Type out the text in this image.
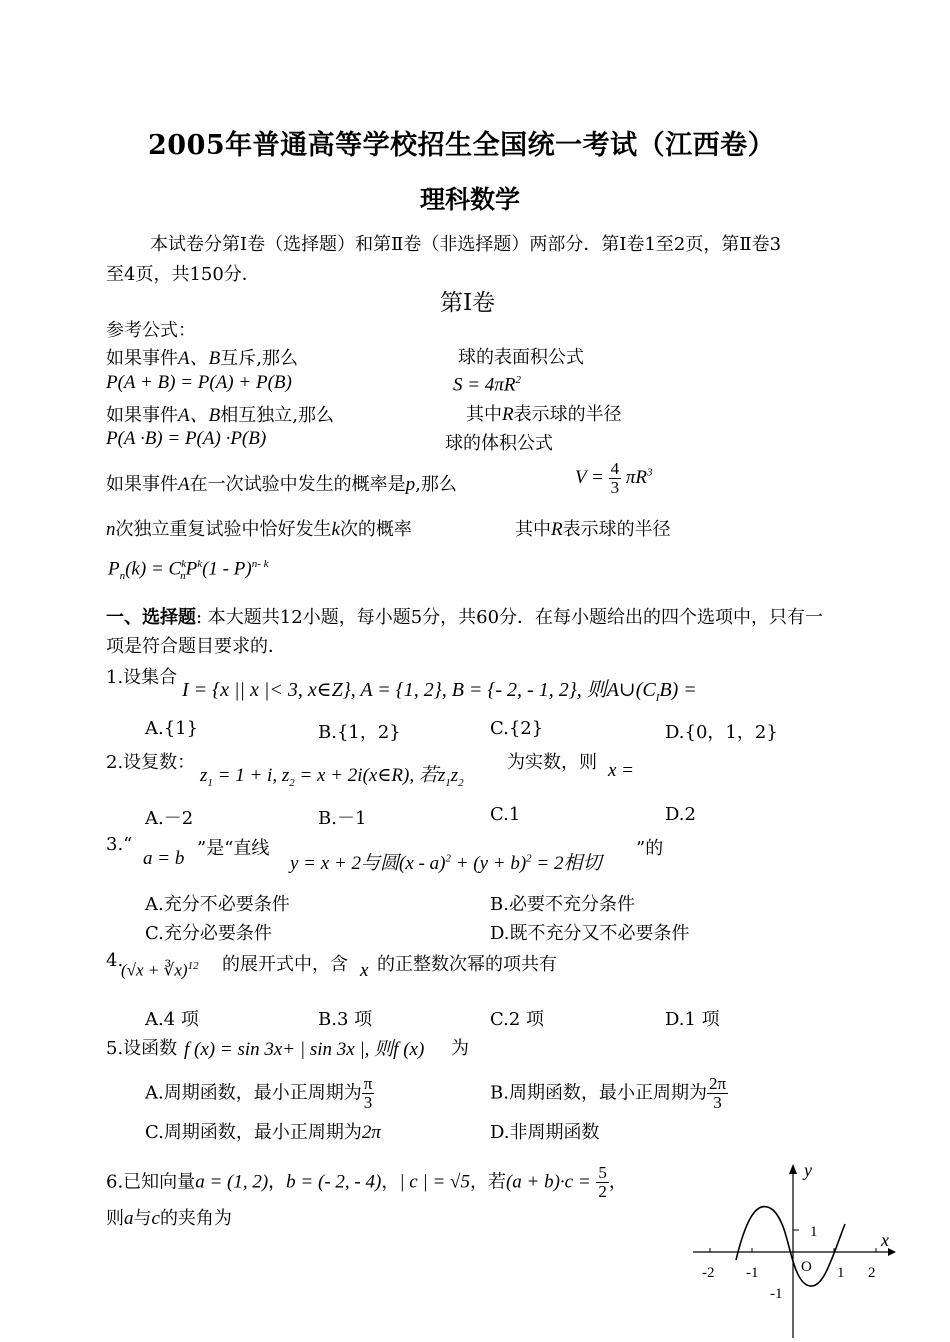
2005年普通高等学校招生全国统一考试（江西卷）
理科数学
本试卷分第Ⅰ卷（选择题）和第Ⅱ卷（非选择题）两部分．第Ⅰ卷1至2页，第Ⅱ卷3
至4页，共150分．
第Ⅰ卷
参考公式：
如果事件A、B互斥,那么	球的表面积公式
P(A + B) = P(A) + P(B)	$S = 4\pi R^2$
如果事件A、B相互独立,那么	其中R表示球的半径
P(A ·B) = P(A) ·P(B)	球的体积公式
如果事件A在一次试验中发生的概率是p,那么	$V = \frac{4}{3} \pi R^3$
n次独立重复试验中恰好发生k次的概率	其中R表示球的半径
$P_n(k) = C^k_nP^k(1 - P)^{n- k}$
一、选择题: 本大题共12小题，每小题5分，共60分．在每小题给出的四个选项中，只有一
项是符合题目要求的．
1.设集合
I = {x || x |< 3, x∈Z}, A = {1, 2}, B = {- 2, - 1, 2}, 则$A\cup(C_IB)$ =
A.{1}	B.{1，2}	C.{2}	D.{0，1，2}
2.设复数：
$z_1 = 1 + i$, $z_2 = x$ + 2i(x∈R), 若$z_1z_2$
为实数，则 x =
A.－2	B.－1	C.1	D.2
3.“
a = b ”是“直线
y = x + 2与圆$(x - a)^2 + (y + b)^2 = 2$相切
”的
A.充分不必要条件	B.必要不充分条件
C.充分必要条件	D.既不充分又不必要条件
4.
(√x + ∛x)$^{12}$ 的展开式中，含 x 的正整数次幂的项共有
A.4 项	B.3 项	C.2 项	D.1 项
5.设函数 f (x) = sin 3x+ | sin 3x |, 则f (x) 为
A.周期函数，最小正周期为 $\frac{\pi}{3}$	B.周期函数，最小正周期为 $\frac{2\pi}{3}$
C.周期函数，最小正周期为2π	D.非周期函数
6.已知向量a = (1, 2)，b = (- 2, - 4)，| c | = √5，若$(a + b)\cdot c = \frac{5}{2}$ ，
则a与c的夹角为
y
x
O
-2 -1	1 2
1
-1
